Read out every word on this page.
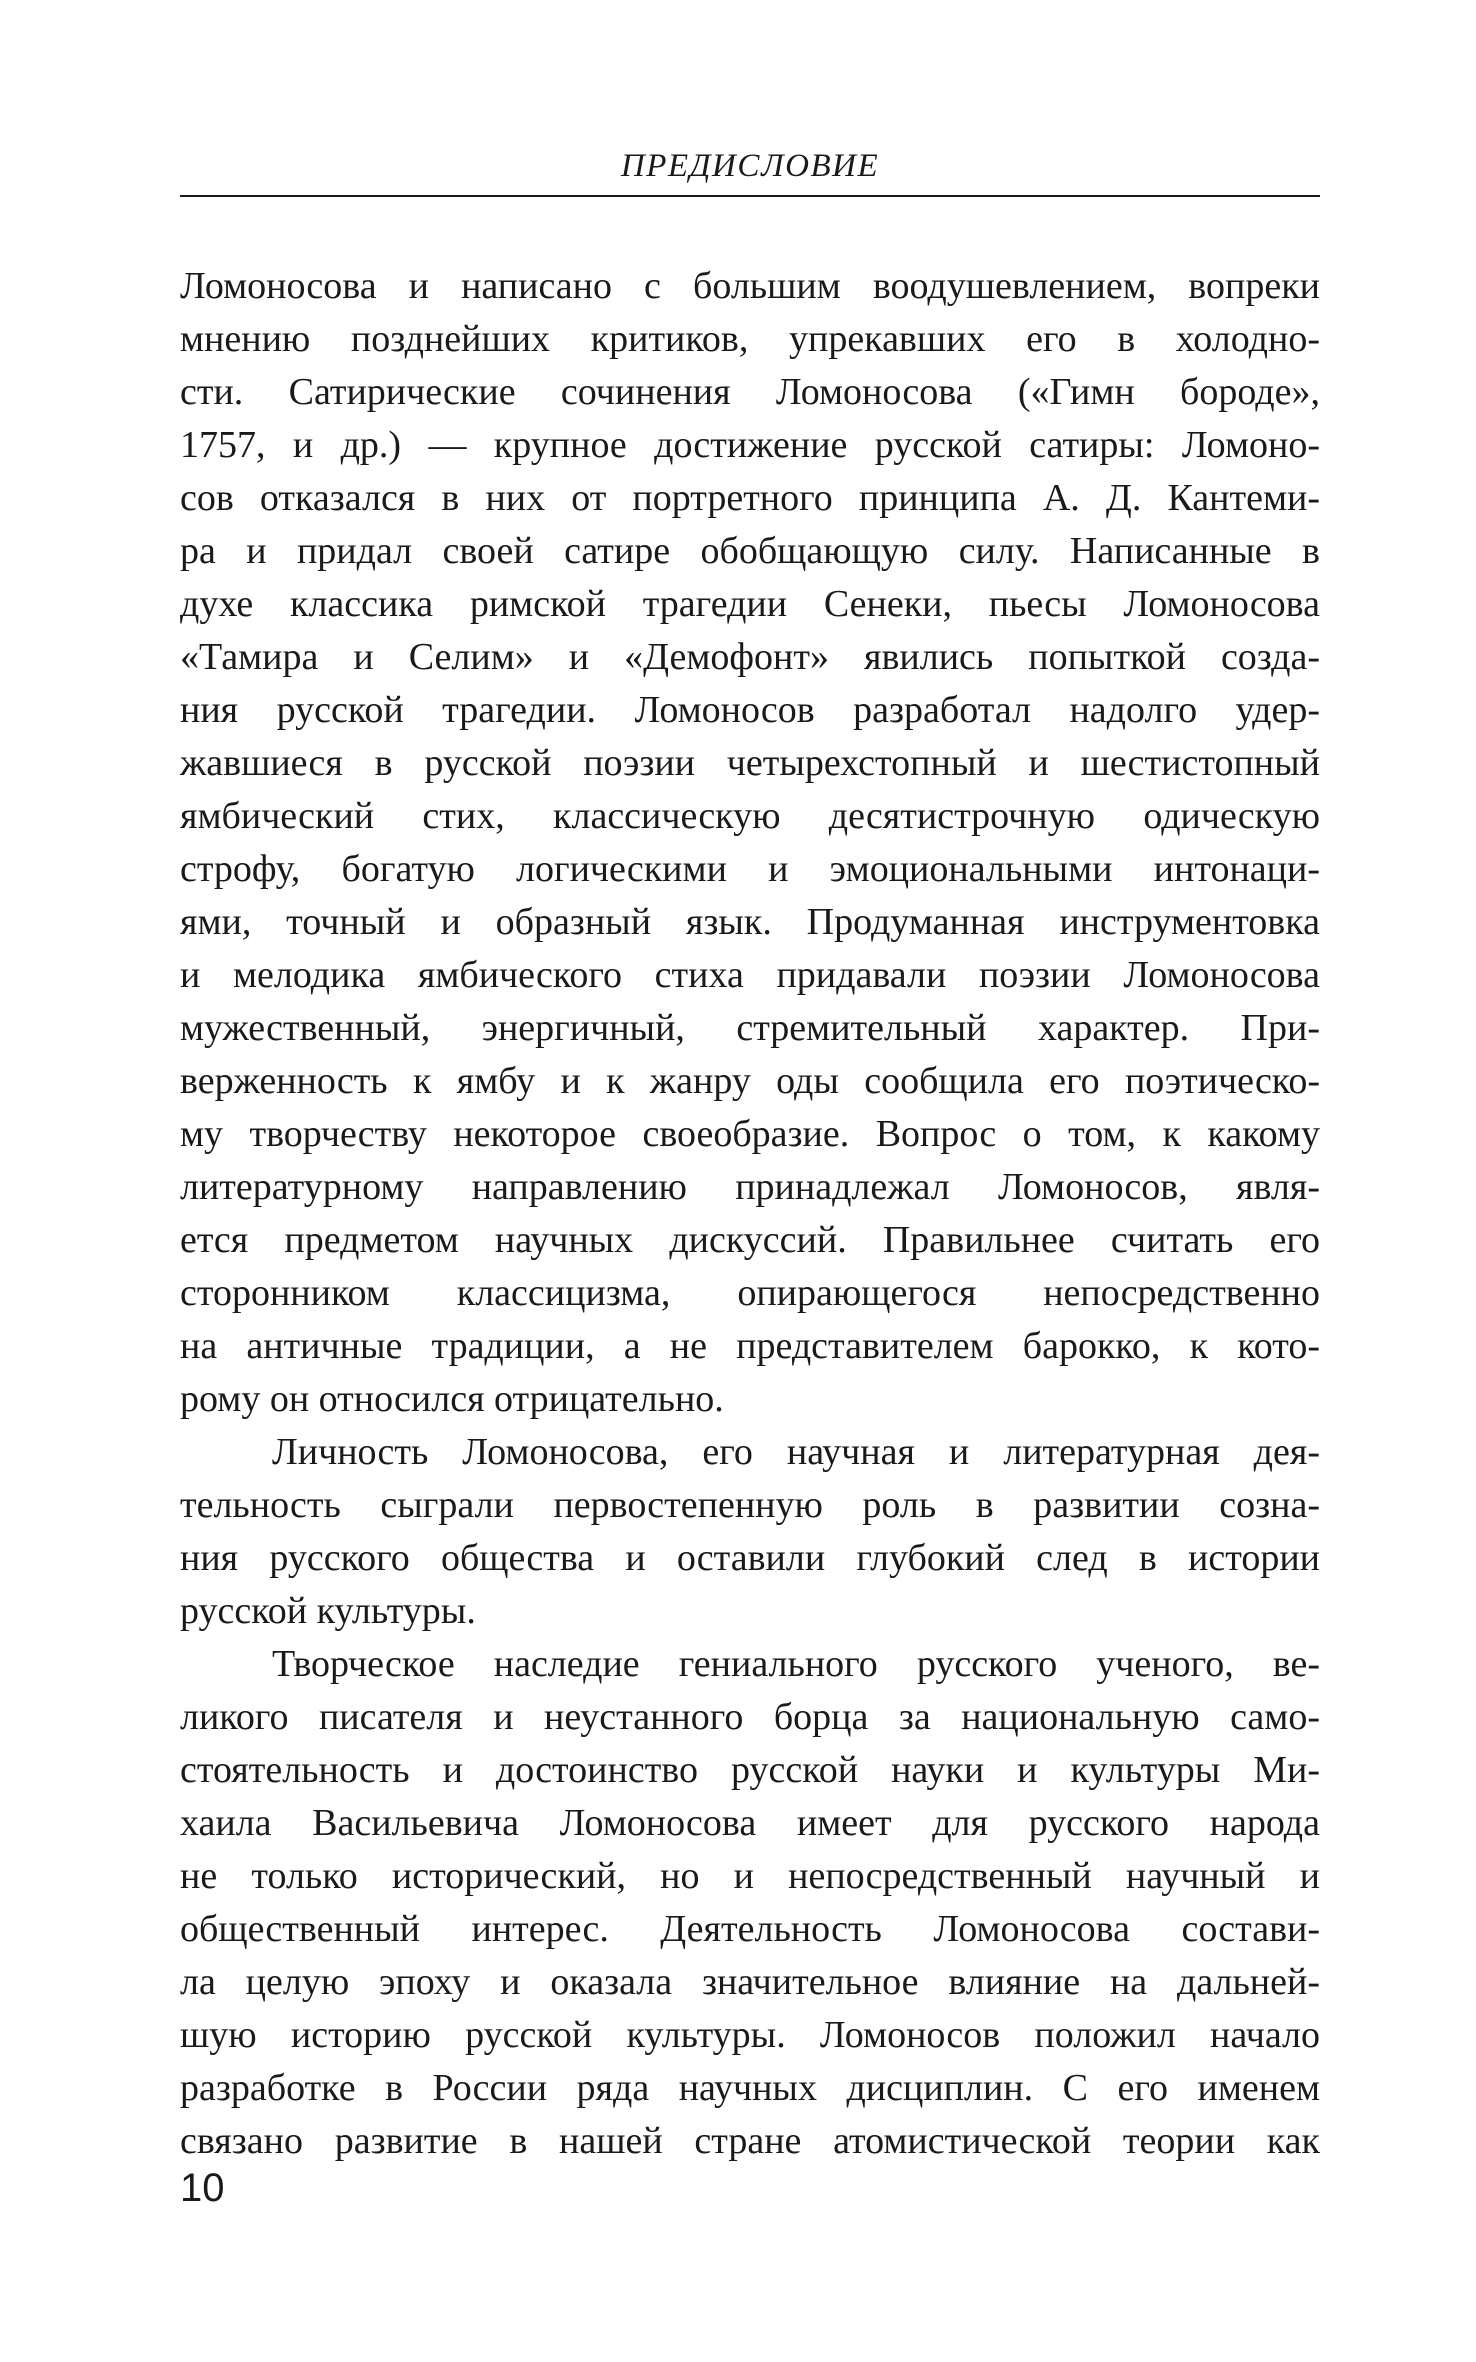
ПРЕДИСЛОВИЕ
Ломоносова и написано с большим воодушевлением, вопреки
мнению позднейших критиков, упрекавших его в холодно-
сти. Сатирические сочинения Ломоносова («Гимн бороде»,
1757, и др.) — крупное достижение русской сатиры: Ломоно-
сов отказался в них от портретного принципа А. Д. Кантеми-
ра и придал своей сатире обобщающую силу. Написанные в
духе классика римской трагедии Сенеки, пьесы Ломоносова
«Тамира и Селим» и «Демофонт» явились попыткой созда-
ния русской трагедии. Ломоносов разработал надолго удер-
жавшиеся в русской поэзии четырехстопный и шестистопный
ямбический стих, классическую десятистрочную одическую
строфу, богатую логическими и эмоциональными интонаци-
ями, точный и образный язык. Продуманная инструментовка
и мелодика ямбического стиха придавали поэзии Ломоносова
мужественный, энергичный, стремительный характер. При-
верженность к ямбу и к жанру оды сообщила его поэтическо-
му творчеству некоторое своеобразие. Вопрос о том, к какому
литературному направлению принадлежал Ломоносов, явля-
ется предметом научных дискуссий. Правильнее считать его
сторонником классицизма, опирающегося непосредственно
на античные традиции, а не представителем барокко, к кото-
рому он относился отрицательно.
Личность Ломоносова, его научная и литературная дея-
тельность сыграли первостепенную роль в развитии созна-
ния русского общества и оставили глубокий след в истории
русской культуры.
Творческое наследие гениального русского ученого, ве-
ликого писателя и неустанного борца за национальную само-
стоятельность и достоинство русской науки и культуры Ми-
хаила Васильевича Ломоносова имеет для русского народа
не только исторический, но и непосредственный научный и
общественный интерес. Деятельность Ломоносова состави-
ла целую эпоху и оказала значительное влияние на дальней-
шую историю русской культуры. Ломоносов положил начало
разработке в России ряда научных дисциплин. С его именем
связано развитие в нашей стране атомистической теории как
10
